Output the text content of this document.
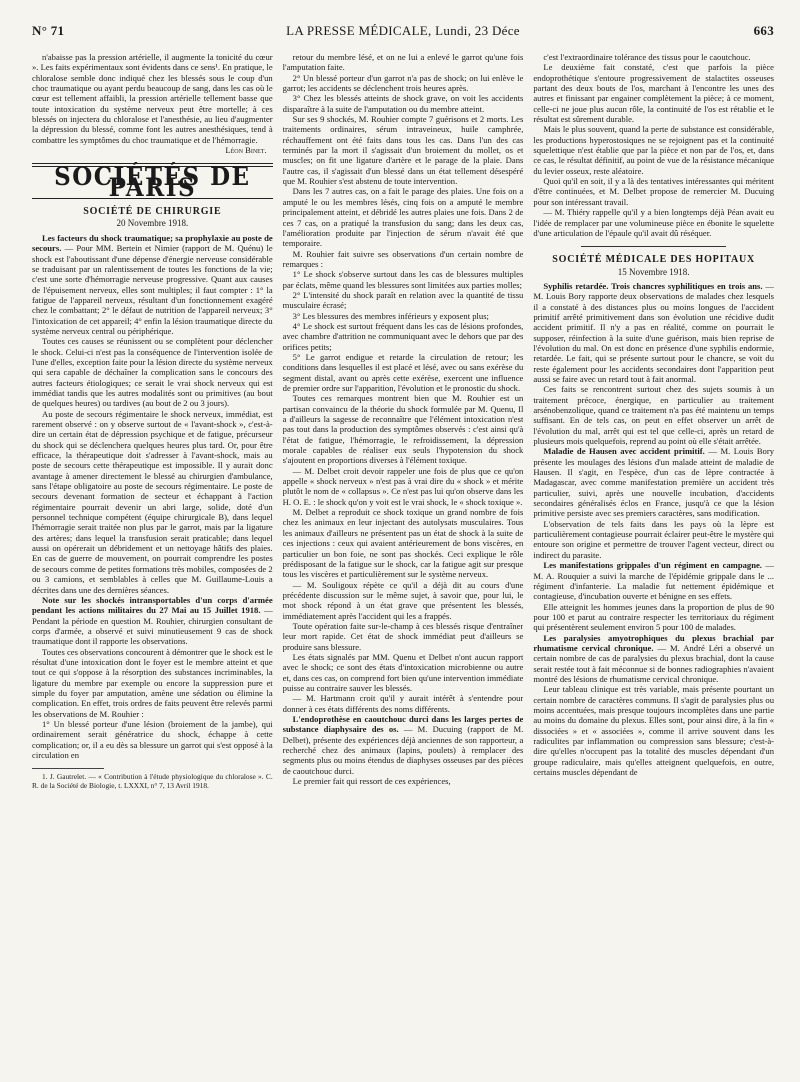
N° 71	LA PRESSE MÉDICALE, Lundi, 23 Déce	663

n'abaisse pas la pression artérielle, il augmente la tonicité du cœur ». Les faits expérimentaux sont évidents dans ce sens¹. En pratique, le chloralose semble donc indiqué chez les blessés sous le coup d'un choc traumatique ou ayant perdu beaucoup de sang, dans les cas où le cœur est tellement affaibli, la pression artérielle tellement basse que toute intoxication du système nerveux peut être mortelle; à ces blessés on injectera du chloralose et l'anesthésie, au lieu d'augmenter la dépression du blessé, comme font les autres anesthésiques, tend à combattre les symptômes du choc traumatique et de l'hémorragie.

Léon Binet.

SOCIÉTÉS DE PARIS
SOCIÉTÉ DE CHIRURGIE
20 Novembre 1918.

Les facteurs du shock traumatique; sa prophylaxie au poste de secours. — Pour MM. Bertein et Nimier (rapport de M. Quénu) le shock est l'aboutissant d'une dépense d'énergie nerveuse considérable se traduisant par un ralentissement de toutes les fonctions de la vie; c'est une sorte d'hémorragie nerveuse progressive. Quant aux causes de l'épuisement nerveux, elles sont multiples; il faut compter : 1° la fatigue de l'appareil nerveux, résultant d'un fonctionnement exagéré chez le combattant; 2° le défaut de nutrition de l'appareil nerveux; 3° l'intoxication de cet appareil; 4° enfin la lésion traumatique directe du système nerveux central ou périphérique.

Toutes ces causes se réunissent ou se complètent pour déclencher le shock. Celui-ci n'est pas la conséquence de l'intervention isolée de l'une d'elles, exception faite pour la lésion directe du système nerveux qui sera capable de déchaîner la complication sans le concours des autres facteurs étiologiques; ce serait le vrai shock nerveux qui est immédiat tandis que les autres modalités sont ou primitives (au bout de quelques heures) ou tardives (au bout de 2 ou 3 jours).

Au poste de secours régimentaire le shock nerveux, immédiat, est rarement observé : on y observe surtout de « l'avant-shock », c'est-à-dire un certain état de dépression psychique et de fatigue, précurseur du shock qui se déclenchera quelques heures plus tard. Or, pour être efficace, la thérapeutique doit s'adresser à l'avant-shock, mais au poste de secours cette thérapeutique est impossible. Il y aurait donc avantage à amener directement le blessé au chirurgien d'ambulance, sans l'étape obligatoire au poste de secours régimentaire. Le poste de secours devenant formation de secteur et échappant à l'action régimentaire pourrait devenir un abri large, solide, doté d'un personnel technique compétent (équipe chirurgicale B), dans lequel l'hémorragie serait traitée non plus par le garrot, mais par la ligature des artères; dans lequel la transfusion serait praticable; dans lequel aussi on opérerait un débridement et un nettoyage hâtifs des plaies. En cas de guerre de mouvement, on pourrait comprendre les postes de secours comme de petites formations très mobiles, composées de 2 ou 3 camions, et semblables à celles que M. Guillaume-Louis a décrites dans une des dernières séances.

Note sur les shockés intransportables d'un corps d'armée pendant les actions militaires du 27 Mai au 15 Juillet 1918. — Pendant la période en question M. Rouhier, chirurgien consultant de corps d'armée, a observé et suivi minutieusement 9 cas de shock traumatique dont il rapporte les observations.

Toutes ces observations concourent à démontrer que le shock est le résultat d'une intoxication dont le foyer est le membre atteint et que tout ce qui s'oppose à la résorption des substances incriminables, la ligature du membre par exemple ou encore la suppression pure et simple du foyer par amputation, amène une sédation ou élimine la complication. En effet, trois ordres de faits peuvent être relevés parmi les observations de M. Rouhier :

1° Un blessé porteur d'une lésion (broiement de la jambe), qui ordinairement serait génératrice du shock, échappe à cette complication; or, il a eu dès sa blessure un garrot qui s'est opposé à la circulation en

1. J. Gautrelet. — « Contribution à l'étude physiologique du chloralose ». C. R. de la Société de Biologie, t. LXXXI, n° 7, 13 Avril 1918.

retour du membre lésé, et on ne lui a enlevé le garrot qu'une fois l'amputation faite.

2° Un blessé porteur d'un garrot n'a pas de shock; on lui enlève le garrot; les accidents se déclenchent trois heures après.

3° Chez les blessés atteints de shock grave, on voit les accidents disparaître à la suite de l'amputation ou du membre atteint.

Sur ses 9 shockés, M. Rouhier compte 7 guérisons et 2 morts. Les traitements ordinaires, sérum intraveineux, huile camphrée, réchauffement ont été faits dans tous les cas. Dans l'un des cas terminés par la mort il s'agissait d'un broiement du mollet, os et muscles; on fit une ligature d'artère et le parage de la plaie. Dans l'autre cas, il s'agissait d'un blessé dans un état tellement désespéré que M. Rouhier s'est abstenu de toute intervention.

Dans les 7 autres cas, on a fait le parage des plaies. Une fois on a amputé le ou les membres lésés, cinq fois on a amputé le membre principalement atteint, et débridé les autres plaies une fois. Dans 2 de ces 7 cas, on a pratiqué la transfusion du sang; dans les deux cas, l'amélioration produite par l'injection de sérum n'avait été que temporaire.

M. Rouhier fait suivre ses observations d'un certain nombre de remarques :

1° Le shock s'observe surtout dans les cas de blessures multiples par éclats, même quand les blessures sont limitées aux parties molles;

2° L'intensité du shock paraît en relation avec la quantité de tissu musculaire écrasé;

3° Les blessures des membres inférieurs y exposent plus;

4° Le shock est surtout fréquent dans les cas de lésions profondes, avec chambre d'attrition ne communiquant avec le dehors que par des orifices petits;

5° Le garrot endigue et retarde la circulation de retour; les conditions dans lesquelles il est placé et lésé, avec ou sans exérèse du segment distal, avant ou après cette exérèse, exercent une influence de premier ordre sur l'apparition, l'évolution et le pronostic du shock.

Toutes ces remarques montrent bien que M. Rouhier est un partisan convaincu de la théorie du shock formulée par M. Quenu, Il a d'ailleurs la sagesse de reconnaître que l'élément intoxication n'est pas tout dans la production des symptômes observés : c'est ainsi qu'à l'état de fatigue, l'hémorragie, le refroidissement, la dépression morale capables de réaliser eux seuls l'hypotension du shock s'ajoutent en proportions diverses à l'élément toxique.

— M. Delbet croit devoir rappeler une fois de plus que ce qu'on appelle « shock nerveux » n'est pas à vrai dire du « shock » et mérite plutôt le nom de « collapsus ». Ce n'est pas lui qu'on observe dans les H. O. E. : le shock qu'on y voit est le vrai shock, le « shock toxique ».

M. Delbet a reproduit ce shock toxique un grand nombre de fois chez les animaux en leur injectant des autolysats musculaires. Tous les animaux d'ailleurs ne présentent pas un état de shock à la suite de ces injections : ceux qui avaient antérieurement de bons viscères, en particulier un bon foie, ne sont pas shockés. Ceci explique le rôle prédisposant de la fatigue sur le shock, car la fatigue agit sur presque tous les viscères et particulièrement sur le système nerveux.

— M. Souligoux répète ce qu'il a déjà dit au cours d'une précédente discussion sur le même sujet, à savoir que, pour lui, le mot shock répond à un état grave que présentent les blessés, immédiatement après l'accident qui les a frappés.

Toute opération faite sur-le-champ à ces blessés risque d'entraîner leur mort rapide. Cet état de shock immédiat peut d'ailleurs se produire sans blessure.

Les états signalés par MM. Quenu et Delbet n'ont aucun rapport avec le shock; ce sont des états d'intoxication microbienne ou autre et, dans ces cas, on comprend fort bien qu'une intervention immédiate puisse au contraire sauver les blessés.

— M. Hartmann croit qu'il y aurait intérêt à s'entendre pour donner à ces états différents des noms différents.

L'endoprothèse en caoutchouc durci dans les larges pertes de substance diaphysaire des os. — M. Ducuing (rapport de M. Delbet), présente des expériences déjà anciennes de son rapporteur, a recherché chez des animaux (lapins, poulets) à remplacer des segments plus ou moins étendus de diaphyses osseuses par des pièces de caoutchouc durci.

Le premier fait qui ressort de ces expériences,

c'est l'extraordinaire tolérance des tissus pour le caoutchouc.

Le deuxième fait constaté, c'est que parfois la pièce endoprothétique s'entoure progressivement de stalactites osseuses partant des deux bouts de l'os, marchant à l'encontre les unes des autres et finissant par engainer complètement la pièce; à ce moment, celle-ci ne joue plus aucun rôle, la continuité de l'os est rétablie et le résultat est sûrement durable.

Mais le plus souvent, quand la perte de substance est considérable, les productions hyperostosiques ne se rejoignent pas et la continuité squelettique n'est établie que par la pièce et non par de l'os, et, dans ce cas, le résultat définitif, au point de vue de la résistance mécanique du levier osseux, reste aléatoire.

Quoi qu'il en soit, il y a là des tentatives intéressantes qui méritent d'être continuées, et M. Delbet propose de remercier M. Ducuing pour son intéressant travail.

— M. Thiéry rappelle qu'il y a bien longtemps déjà Péan avait eu l'idée de remplacer par une volumineuse pièce en ébonite le squelette d'une articulation de l'épaule qu'il avait dû réséquer.

SOCIÉTÉ MÉDICALE DES HOPITAUX
15 Novembre 1918.

Syphilis retardée. Trois chancres syphilitiques en trois ans. — M. Louis Bory rapporte deux observations de malades chez lesquels il a constaté à des distances plus ou moins longues de l'accident primitif arrêté primitivement dans son évolution une récidive dudit accident primitif. Il n'y a pas en réalité, comme on pourrait le supposer, réinfection à la suite d'une guérison, mais bien reprise de l'évolution du mal. On est donc en présence d'une syphilis endormie, retardée. Le fait, qui se présente surtout pour le chancre, se voit du reste également pour les accidents secondaires dont l'apparition peut aussi se faire avec un retard tout à fait anormal.

Ces faits se rencontrent surtout chez des sujets soumis à un traitement précoce, énergique, en particulier au traitement arsénobenzolique, quand ce traitement n'a pas été maintenu un temps suffisant. En de tels cas, on peut en effet observer un arrêt de l'évolution du mal, arrêt qui est tel que celle-ci, après un retard de plusieurs mois quelquefois, reprend au point où elle s'était arrêtée.

Maladie de Hausen avec accident primitif. — M. Louis Bory présente les moulages des lésions d'un malade atteint de maladie de Hausen. Il s'agit, en l'espèce, d'un cas de lèpre contractée à Madagascar, avec comme manifestation première un accident très particulier, suivi, après une nouvelle incubation, d'accidents secondaires généralisés éclos en France, jusqu'à ce que la lésion primitive persiste avec ses premiers caractères, sans modification.

L'observation de tels faits dans les pays où la lèpre est particulièrement contagieuse pourrait éclairer peut-être le mystère qui entoure son origine et permettre de trouver l'agent vecteur, direct ou indirect du parasite.

Les manifestations grippales d'un régiment en campagne. — M. A. Rouquier a suivi la marche de l'épidémie grippale dans le ... régiment d'infanterie. La maladie fut nettement épidémique et contagieuse, d'incubation ouverte et bénigne en ses effets.

Elle atteignit les hommes jeunes dans la proportion de plus de 90 pour 100 et parut au contraire respecter les territoriaux du régiment qui présentèrent seulement environ 5 pour 100 de malades.

Les paralysies amyotrophiques du plexus brachial par rhumatisme cervical chronique. — M. André Léri a observé un certain nombre de cas de paralysies du plexus brachial, dont la cause serait restée tout à fait méconnue si de bonnes radiographies n'avaient montré des lésions de rhumatisme cervical chronique.

Leur tableau clinique est très variable, mais présente pourtant un certain nombre de caractères communs. Il s'agit de paralysies plus ou moins accentuées, mais presque toujours incomplètes dans une partie au moins du domaine du plexus. Elles sont, pour ainsi dire, à la fin « dissociées » et « associées », comme il arrive souvent dans les radiculites par inflammation ou compression sans blessure; c'est-à-dire qu'elles n'occupent pas la totalité des muscles dépendant d'un groupe radiculaire, mais qu'elles atteignent quelquefois, en outre, certains muscles dépendant de
